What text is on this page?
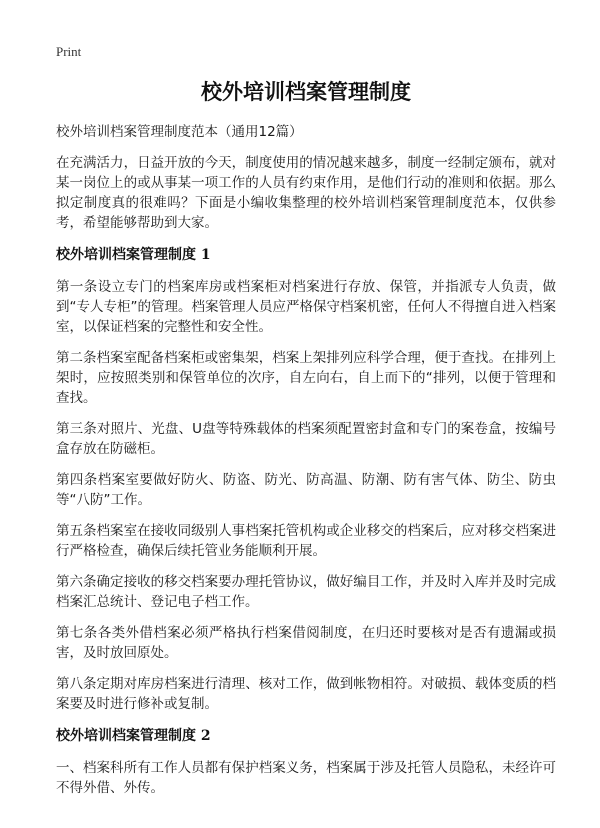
Print
校外培训档案管理制度

校外培训档案管理制度范本（通用12篇）

在充满活力，日益开放的今天，制度使用的情况越来越多，制度一经制定颁布，就对某一岗位上的或从事某一项工作的人员有约束作用，是他们行动的准则和依据。那么拟定制度真的很难吗？下面是小编收集整理的校外培训档案管理制度范本，仅供参考，希望能够帮助到大家。

校外培训档案管理制度 1

第一条设立专门的档案库房或档案柜对档案进行存放、保管，并指派专人负责，做到“专人专柜”的管理。档案管理人员应严格保守档案机密，任何人不得擅自进入档案室，以保证档案的完整性和安全性。

第二条档案室配备档案柜或密集架，档案上架排列应科学合理，便于查找。在排列上架时，应按照类别和保管单位的次序，自左向右，自上而下的“排列，以便于管理和查找。

第三条对照片、光盘、U盘等特殊载体的档案须配置密封盒和专门的案卷盒，按编号盒存放在防磁柜。

第四条档案室要做好防火、防盗、防光、防高温、防潮、防有害气体、防尘、防虫等“八防”工作。

第五条档案室在接收同级别人事档案托管机构或企业移交的档案后，应对移交档案进行严格检查，确保后续托管业务能顺利开展。

第六条确定接收的移交档案要办理托管协议，做好编目工作，并及时入库并及时完成档案汇总统计、登记电子档工作。

第七条各类外借档案必须严格执行档案借阅制度，在归还时要核对是否有遗漏或损害，及时放回原处。

第八条定期对库房档案进行清理、核对工作，做到帐物相符。对破损、载体变质的档案要及时进行修补或复制。

校外培训档案管理制度 2

一、档案科所有工作人员都有保护档案义务，档案属于涉及托管人员隐私，未经许可不得外借、外传。
